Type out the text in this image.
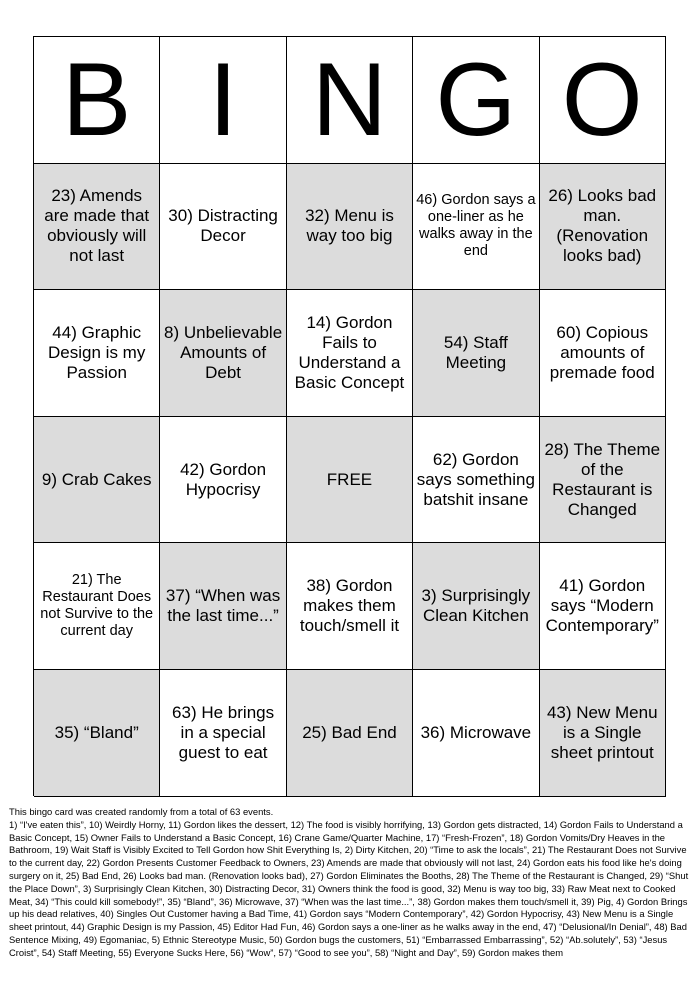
B I N G O
23) Amends are made that obviously will not last
30) Distracting Decor
32) Menu is way too big
46) Gordon says a one-liner as he walks away in the end
26) Looks bad man. (Renovation looks bad)
44) Graphic Design is my Passion
8) Unbelievable Amounts of Debt
14) Gordon Fails to Understand a Basic Concept
54) Staff Meeting
60) Copious amounts of premade food
9) Crab Cakes
42) Gordon Hypocrisy
FREE
62) Gordon says something batshit insane
28) The Theme of the Restaurant is Changed
21) The Restaurant Does not Survive to the current day
37) “When was the last time...”
38) Gordon makes them touch/smell it
3) Surprisingly Clean Kitchen
41) Gordon says “Modern Contemporary”
35) “Bland”
63) He brings in a special guest to eat
25) Bad End	36) Microwave
43) New Menu is a Single sheet printout

This bingo card was created randomly from a total of 63 events.

1) “I've eaten this”, 10) Weirdly Horny, 11) Gordon likes the dessert, 12) The food is visibly horrifying, 13) Gordon gets distracted, 14) Gordon Fails to Understand a Basic Concept, 15) Owner Fails to Understand a Basic Concept, 16) Crane Game/Quarter Machine, 17) “Fresh-Frozen”, 18) Gordon Vomits/Dry Heaves in the Bathroom, 19) Wait Staff is Visibly Excited to Tell Gordon how Shit Everything Is, 2) Dirty Kitchen, 20) “Time to ask the locals”, 21) The Restaurant Does not Survive to the current day, 22) Gordon Presents Customer Feedback to Owners, 23) Amends are made that obviously will not last, 24) Gordon eats his food like he's doing surgery on it, 25) Bad End, 26) Looks bad man. (Renovation looks bad), 27) Gordon Eliminates the Booths, 28) The Theme of the Restaurant is Changed, 29) “Shut the Place Down”, 3) Surprisingly Clean Kitchen, 30) Distracting Decor, 31) Owners think the food is good, 32) Menu is way too big, 33) Raw Meat next to Cooked Meat, 34) “This could kill somebody!”, 35) “Bland”, 36) Microwave, 37) “When was the last time...”, 38) Gordon makes them touch/smell it, 39) Pig, 4) Gordon Brings up his dead relatives, 40) Singles Out Customer having a Bad Time, 41) Gordon says “Modern Contemporary”, 42) Gordon Hypocrisy, 43) New Menu is a Single sheet printout, 44) Graphic Design is my Passion, 45) Editor Had Fun, 46) Gordon says a one-liner as he walks away in the end, 47) “Delusional/In Denial”, 48) Bad Sentence Mixing, 49) Egomaniac, 5) Ethnic Stereotype Music, 50) Gordon bugs the customers, 51) “Embarrassed Embarrassing”, 52) “Ab.solutely”, 53) “Jesus Croist”, 54) Staff Meeting, 55) Everyone Sucks Here, 56) “Wow”, 57) “Good to see you”, 58) “Night and Day”, 59) Gordon makes them
